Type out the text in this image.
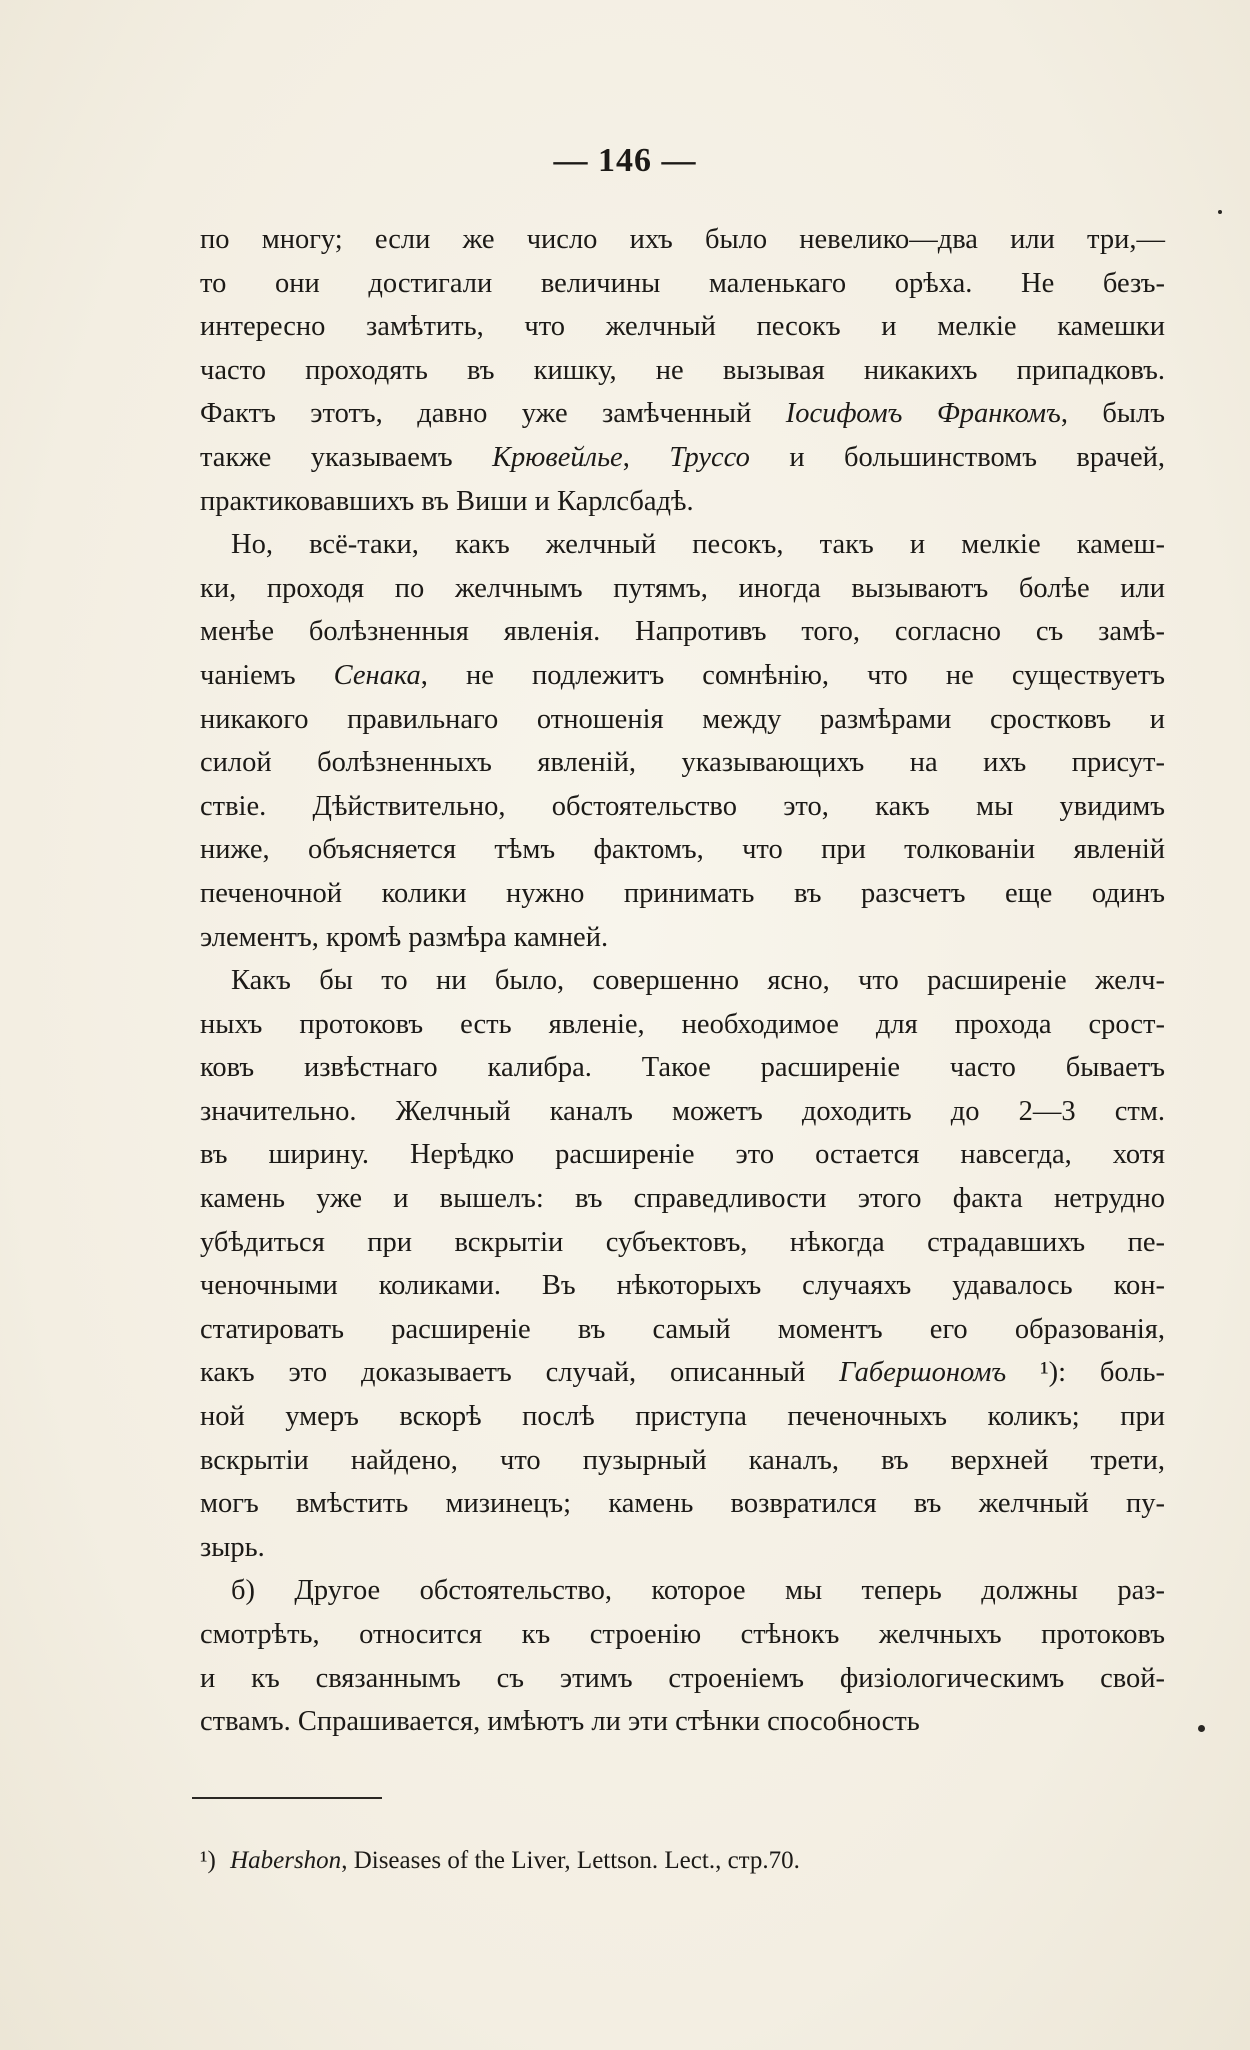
— 146 —
по многу; если же число ихъ было невелико—два или три,—
то они достигали величины маленькаго орѣха. Не безъ-
интересно замѣтить, что желчный песокъ и мелкіе камешки
часто проходять въ кишку, не вызывая никакихъ припадковъ.
Фактъ этотъ, давно уже замѣченный Іосифомъ Франкомъ, былъ
также указываемъ Крювейлье, Труссо и большинствомъ врачей,
практиковавшихъ въ Виши и Карлсбадѣ.
Но, всё-таки, какъ желчный песокъ, такъ и мелкіе камеш-
ки, проходя по желчнымъ путямъ, иногда вызываютъ болѣе или
менѣе болѣзненныя явленія. Напротивъ того, согласно съ замѣ-
чаніемъ Сенака, не подлежитъ сомнѣнію, что не существуетъ
никакого правильнаго отношенія между размѣрами сростковъ и
силой болѣзненныхъ явленій, указывающихъ на ихъ присут-
ствіе. Дѣйствительно, обстоятельство это, какъ мы увидимъ
ниже, объясняется тѣмъ фактомъ, что при толкованіи явленій
печеночной колики нужно принимать въ разсчетъ еще одинъ
элементъ, кромѣ размѣра камней.
Какъ бы то ни было, совершенно ясно, что расширеніе желч-
ныхъ протоковъ есть явленіе, необходимое для прохода срост-
ковъ извѣстнаго калибра. Такое расширеніе часто бываетъ
значительно. Желчный каналъ можетъ доходить до 2—3 стм.
въ ширину. Нерѣдко расширеніе это остается навсегда, хотя
камень уже и вышелъ: въ справедливости этого факта нетрудно
убѣдиться при вскрытіи субъектовъ, нѣкогда страдавшихъ пе-
ченочными коликами. Въ нѣкоторыхъ случаяхъ удавалось кон-
статировать расширеніе въ самый моментъ его образованія,
какъ это доказываетъ случай, описанный Габершономъ ¹): боль-
ной умеръ вскорѣ послѣ приступа печеночныхъ коликъ; при
вскрытіи найдено, что пузырный каналъ, въ верхней трети,
могъ вмѣстить мизинецъ; камень возвратился въ желчный пу-
зырь.
б) Другое обстоятельство, которое мы теперь должны раз-
смотрѣть, относится къ строенію стѣнокъ желчныхъ протоковъ
и къ связаннымъ съ этимъ строеніемъ физіологическимъ свой-
ствамъ. Спрашивается, имѣютъ ли эти стѣнки способность
¹) Habershon, Diseases of the Liver, Lettson. Lect., стр.70.
